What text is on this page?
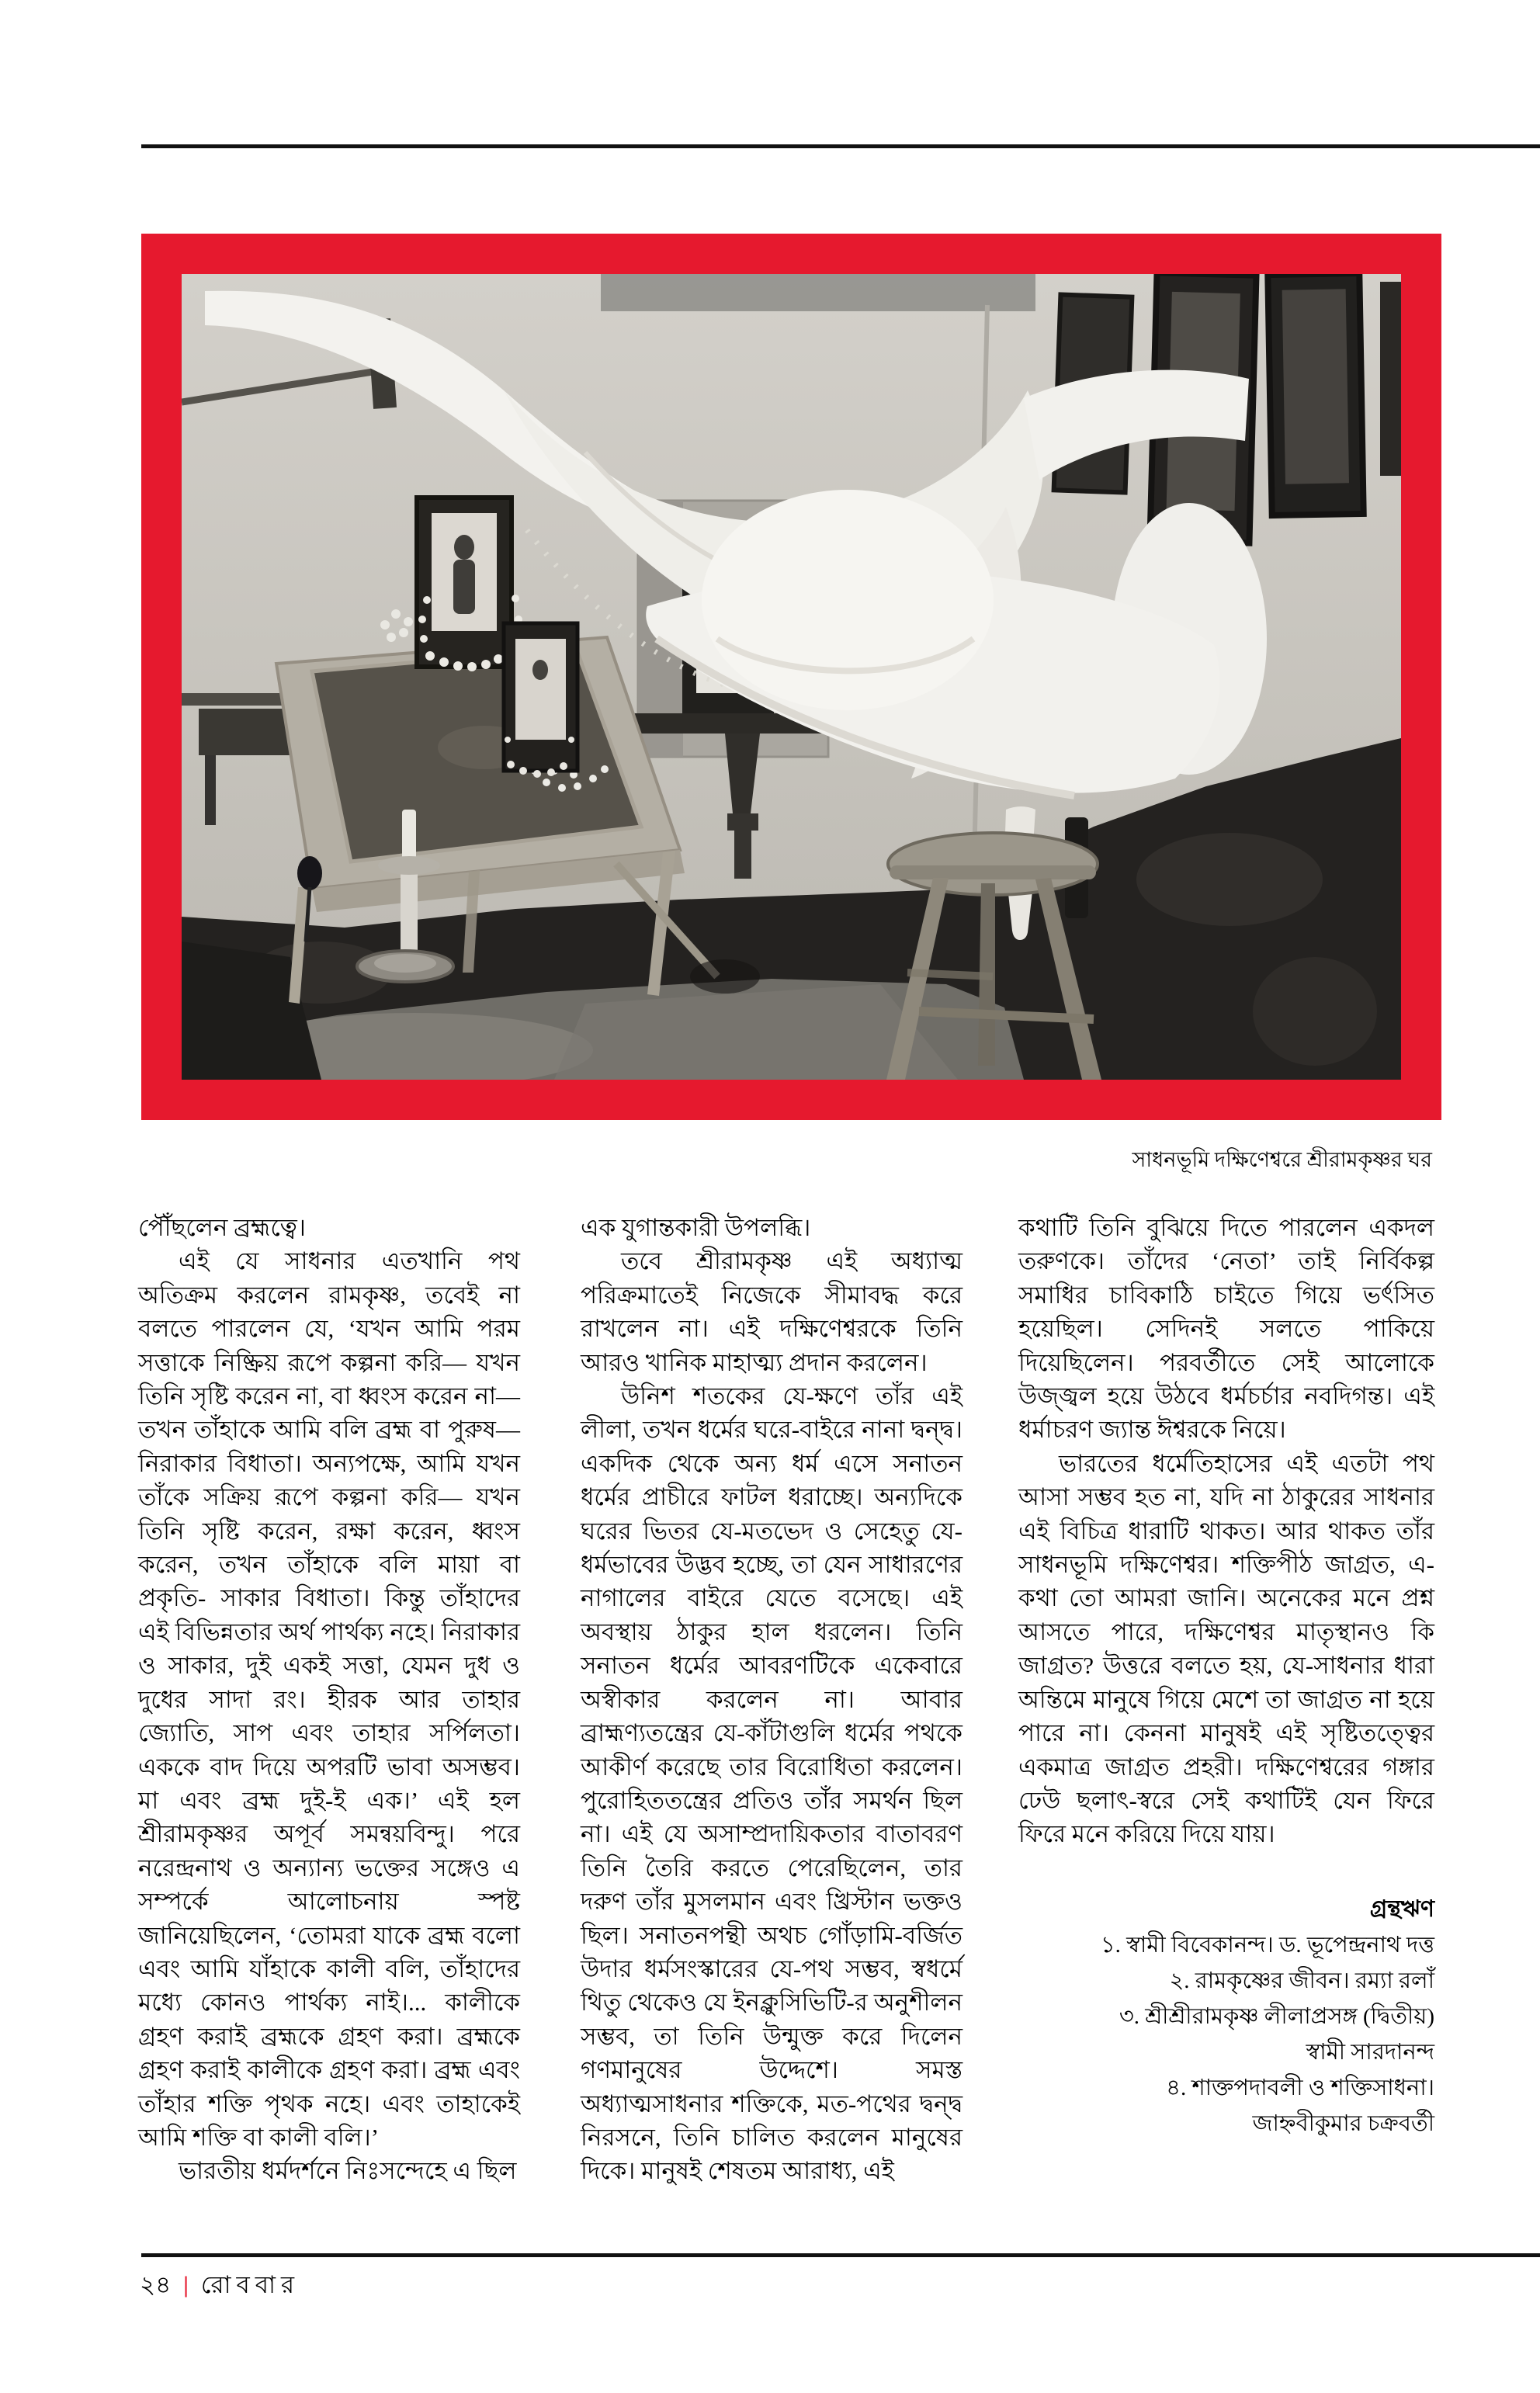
সাধনভূমি দক্ষিণেশ্বরে শ্রীরামকৃষ্ণর ঘর

পৌঁছলেন ব্রহ্মত্বে।

এই যে সাধনার এতখানি পথ অতিক্রম করলেন রামকৃষ্ণ, তবেই না বলতে পারলেন যে, ‘যখন আমি পরম সত্তাকে নিষ্ক্রিয় রূপে কল্পনা করি— যখন তিনি সৃষ্টি করেন না, বা ধ্বংস করেন না— তখন তাঁহাকে আমি বলি ব্রহ্ম বা পুরুষ— নিরাকার বিধাতা। অন্যপক্ষে, আমি যখন তাঁকে সক্রিয় রূপে কল্পনা করি— যখন তিনি সৃষ্টি করেন, রক্ষা করেন, ধ্বংস করেন, তখন তাঁহাকে বলি মায়া বা প্রকৃতি- সাকার বিধাতা। কিন্তু তাঁহাদের এই বিভিন্নতার অর্থ পার্থক্য নহে। নিরাকার ও সাকার, দুই একই সত্তা, যেমন দুধ ও দুধের সাদা রং। হীরক আর তাহার জ্যোতি, সাপ এবং তাহার সর্পিলতা। এককে বাদ দিয়ে অপরটি ভাবা অসম্ভব। মা এবং ব্রহ্ম দুই-ই এক।’ এই হল শ্রীরামকৃষ্ণর অপূর্ব সমন্বয়বিন্দু। পরে নরেন্দ্রনাথ ও অন্যান্য ভক্তের সঙ্গেও এ সম্পর্কে আলোচনায় স্পষ্ট জানিয়েছিলেন, ‘তোমরা যাকে ব্রহ্ম বলো এবং আমি যাঁহাকে কালী বলি, তাঁহাদের মধ্যে কোনও পার্থক্য নাই।... কালীকে গ্রহণ করাই ব্রহ্মকে গ্রহণ করা। ব্রহ্মকে গ্রহণ করাই কালীকে গ্রহণ করা। ব্রহ্ম এবং তাঁহার শক্তি পৃথক নহে। এবং তাহাকেই আমি শক্তি বা কালী বলি।’

ভারতীয় ধর্মদর্শনে নিঃসন্দেহে এ ছিল

এক যুগান্তকারী উপলব্ধি।

তবে শ্রীরামকৃষ্ণ এই অধ্যাত্ম পরিক্রমাতেই নিজেকে সীমাবদ্ধ করে রাখলেন না। এই দক্ষিণেশ্বরকে তিনি আরও খানিক মাহাত্ম্য প্রদান করলেন।

উনিশ শতকের যে-ক্ষণে তাঁর এই লীলা, তখন ধর্মের ঘরে-বাইরে নানা দ্বন্দ্ব। একদিক থেকে অন্য ধর্ম এসে সনাতন ধর্মের প্রাচীরে ফাটল ধরাচ্ছে। অন্যদিকে ঘরের ভিতর যে-মতভেদ ও সেহেতু যে-ধর্মভাবের উদ্ভব হচ্ছে, তা যেন সাধারণের নাগালের বাইরে যেতে বসেছে। এই অবস্থায় ঠাকুর হাল ধরলেন। তিনি সনাতন ধর্মের আবরণটিকে একেবারে অস্বীকার করলেন না। আবার ব্রাহ্মণ্যতন্ত্রের যে-কাঁটাগুলি ধর্মের পথকে আকীর্ণ করেছে তার বিরোধিতা করলেন। পুরোহিততন্ত্রের প্রতিও তাঁর সমর্থন ছিল না। এই যে অসাম্প্রদায়িকতার বাতাবরণ তিনি তৈরি করতে পেরেছিলেন, তার দরুণ তাঁর মুসলমান এবং খ্রিস্টান ভক্তও ছিল। সনাতনপন্থী অথচ গোঁড়ামি-বর্জিত উদার ধর্মসংস্কারের যে-পথ সম্ভব, স্বধর্মে থিতু থেকেও যে ইনক্লুসিভিটি-র অনুশীলন সম্ভব, তা তিনি উন্মুক্ত করে দিলেন গণমানুষের উদ্দেশে। সমস্ত অধ্যাত্মসাধনার শক্তিকে, মত-পথের দ্বন্দ্ব নিরসনে, তিনি চালিত করলেন মানুষের দিকে। মানুষই শেষতম আরাধ্য, এই

কথাটি তিনি বুঝিয়ে দিতে পারলেন একদল তরুণকে। তাঁদের ‘নেতা’ তাই নির্বিকল্প সমাধির চাবিকাঠি চাইতে গিয়ে ভর্ৎসিত হয়েছিল। সেদিনই সলতে পাকিয়ে দিয়েছিলেন। পরবর্তীতে সেই আলোকে উজ্জ্বল হয়ে উঠবে ধর্মচর্চার নবদিগন্ত। এই ধর্মাচরণ জ্যান্ত ঈশ্বরকে নিয়ে।

ভারতের ধর্মেতিহাসের এই এতটা পথ আসা সম্ভব হত না, যদি না ঠাকুরের সাধনার এই বিচিত্র ধারাটি থাকত। আর থাকত তাঁর সাধনভূমি দক্ষিণেশ্বর। শক্তিপীঠ জাগ্রত, এ-কথা তো আমরা জানি। অনেকের মনে প্রশ্ন আসতে পারে, দক্ষিণেশ্বর মাতৃস্থানও কি জাগ্রত? উত্তরে বলতে হয়, যে-সাধনার ধারা অন্তিমে মানুষে গিয়ে মেশে তা জাগ্রত না হয়ে পারে না। কেননা মানুষই এই সৃষ্টিতত্ত্বের একমাত্র জাগ্রত প্রহরী। দক্ষিণেশ্বরের গঙ্গার ঢেউ ছলাৎ-স্বরে সেই কথাটিই যেন ফিরে ফিরে মনে করিয়ে দিয়ে যায়।

গ্রন্থঋণ
১. স্বামী বিবেকানন্দ। ড. ভূপেন্দ্রনাথ দত্ত
২. রামকৃষ্ণের জীবন। রম্যা রলাঁ
৩. শ্রীশ্রীরামকৃষ্ণ লীলাপ্রসঙ্গ (দ্বিতীয়)
স্বামী সারদানন্দ
৪. শাক্তপদাবলী ও শক্তিসাধনা।
জাহ্নবীকুমার চক্রবর্তী
২৪ | রোববার
